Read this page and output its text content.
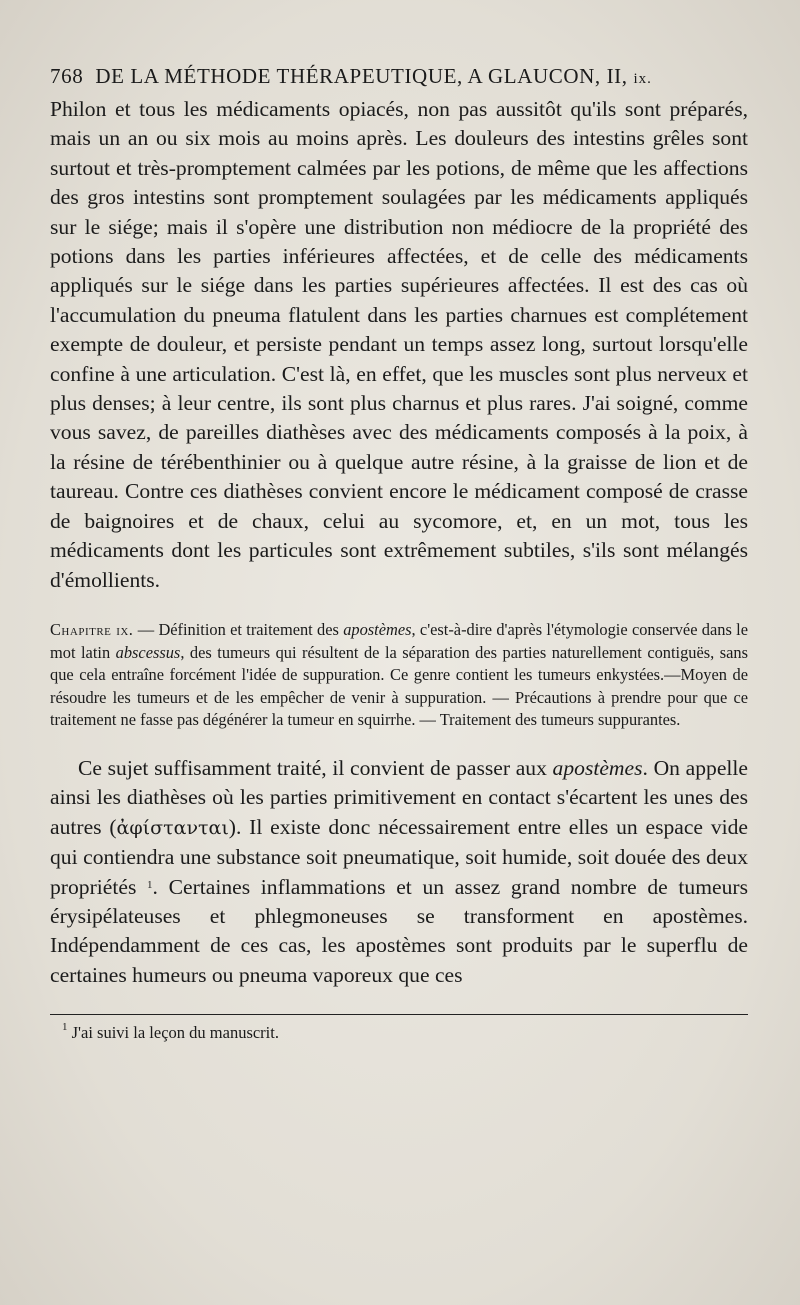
768 DE LA MÉTHODE THÉRAPEUTIQUE, A GLAUCON, II, ix.

Philon et tous les médicaments opiacés, non pas aussitôt qu'ils sont préparés, mais un an ou six mois au moins après. Les douleurs des intestins grêles sont surtout et très-promptement calmées par les potions, de même que les affections des gros intestins sont promptement soulagées par les médicaments appliqués sur le siége; mais il s'opère une distribution non médiocre de la propriété des potions dans les parties inférieures affectées, et de celle des médicaments appliqués sur le siége dans les parties supérieures affectées. Il est des cas où l'accumulation du pneuma flatulent dans les parties charnues est complétement exempte de douleur, et persiste pendant un temps assez long, surtout lorsqu'elle confine à une articulation. C'est là, en effet, que les muscles sont plus nerveux et plus denses; à leur centre, ils sont plus charnus et plus rares. J'ai soigné, comme vous savez, de pareilles diathèses avec des médicaments composés à la poix, à la résine de térébenthinier ou à quelque autre résine, à la graisse de lion et de taureau. Contre ces diathèses convient encore le médicament composé de crasse de baignoires et de chaux, celui au sycomore, et, en un mot, tous les médicaments dont les particules sont extrêmement subtiles, s'ils sont mélangés d'émollients.

Chapitre ix. — Définition et traitement des apostèmes, c'est-à-dire d'après l'étymologie conservée dans le mot latin abscessus, des tumeurs qui résultent de la séparation des parties naturellement contiguës, sans que cela entraîne forcément l'idée de suppuration. Ce genre contient les tumeurs enkystées.—Moyen de résoudre les tumeurs et de les empêcher de venir à suppuration. — Précautions à prendre pour que ce traitement ne fasse pas dégénérer la tumeur en squirrhe. — Traitement des tumeurs suppurantes.

Ce sujet suffisamment traité, il convient de passer aux apostèmes. On appelle ainsi les diathèses où les parties primitivement en contact s'écartent les unes des autres (ἀφίστανται). Il existe donc nécessairement entre elles un espace vide qui contiendra une substance soit pneumatique, soit humide, soit douée des deux propriétés $^1$. Certaines inflammations et un assez grand nombre de tumeurs érysipélateuses et phlegmoneuses se transforment en apostèmes. Indépendamment de ces cas, les apostèmes sont produits par le superflu de certaines humeurs ou pneuma vaporeux que ces

$^1$ J'ai suivi la leçon du manuscrit.
